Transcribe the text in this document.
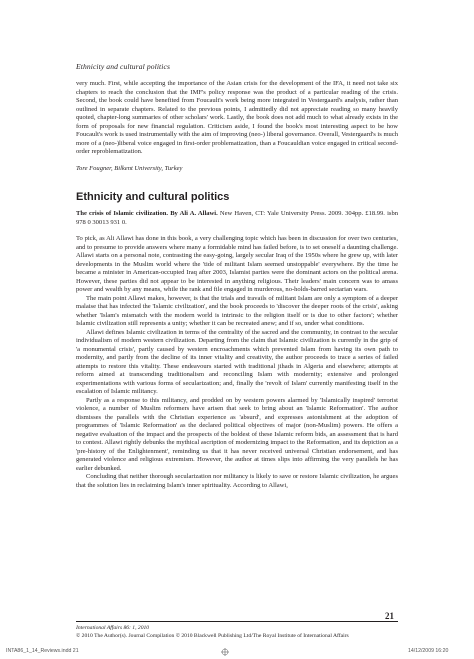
Ethnicity and cultural politics

very much. First, while accepting the importance of the Asian crisis for the development of the IFA, it need not take six chapters to reach the conclusion that the IMF's policy response was the product of a particular reading of the crisis. Second, the book could have benefited from Foucault's work being more integrated in Vestergaard's analysis, rather than outlined in separate chapters. Related to the previous points, I admittedly did not appreciate reading so many heavily quoted, chapter-long summaries of other scholars' work. Lastly, the book does not add much to what already exists in the form of proposals for new financial regulation. Criticism aside, I found the book's most interesting aspect to be how Foucault's work is used instrumentally with the aim of improving (neo-) liberal governance. Overall, Vestergaard's is much more of a (neo-)liberal voice engaged in first-order problematization, than a Foucauldian voice engaged in critical second-order reproblematization.

Tore Fougner, Bilkent University, Turkey

Ethnicity and cultural politics

The crisis of Islamic civilization. By Ali A. Allawi. New Haven, CT: Yale University Press. 2009. 304pp. £18.99. isbn 978 0 30013 931 0.

To pick, as Ali Allawi has done in this book, a very challenging topic which has been in discussion for over two centuries, and to presume to provide answers where many a formidable mind has failed before, is to set oneself a daunting challenge. Allawi starts on a personal note, contrasting the easy-going, largely secular Iraq of the 1950s where he grew up, with later developments in the Muslim world where the 'tide of militant Islam seemed unstoppable' everywhere. By the time he became a minister in American-occupied Iraq after 2003, Islamist parties were the dominant actors on the political arena. However, these parties did not appear to be interested in anything religious. Their leaders' main concern was to amass power and wealth by any means, while the rank and file engaged in murderous, no-holds-barred sectarian wars.

The main point Allawi makes, however, is that the trials and travails of militant Islam are only a symptom of a deeper malaise that has infected the 'Islamic civilization', and the book proceeds to 'discover the deeper roots of the crisis', asking whether 'Islam's mismatch with the modern world is intrinsic to the religion itself or is due to other factors'; whether Islamic civilization still represents a unity; whether it can be recreated anew; and if so, under what conditions.

Allawi defines Islamic civilization in terms of the centrality of the sacred and the community, in contrast to the secular individualism of modern western civilization. Departing from the claim that Islamic civilization is currently in the grip of 'a monumental crisis', partly caused by western encroachments which prevented Islam from having its own path to modernity, and partly from the decline of its inner vitality and creativity, the author proceeds to trace a series of failed attempts to restore this vitality. These endeavours started with traditional jihads in Algeria and elsewhere; attempts at reform aimed at transcending traditionalism and reconciling Islam with modernity; extensive and prolonged experimentations with various forms of secularization; and, finally the 'revolt of Islam' currently manifesting itself in the escalation of Islamic militancy.

Partly as a response to this militancy, and prodded on by western powers alarmed by 'Islamically inspired' terrorist violence, a number of Muslim reformers have arisen that seek to bring about an 'Islamic Reformation'. The author dismisses the parallels with the Christian experience as 'absurd', and expresses astonishment at the adoption of programmes of 'Islamic Reformation' as the declared political objectives of major (non-Muslim) powers. He offers a negative evaluation of the impact and the prospects of the boldest of these Islamic reform bids, an assessment that is hard to contest. Allawi rightly debunks the mythical ascription of modernizing impact to the Reformation, and its depiction as a 'pre-history of the Enlightenment', reminding us that it has never received universal Christian endorsement, and has generated violence and religious extremism. However, the author at times slips into affirming the very parallels he has earlier debunked.

Concluding that neither thorough secularization nor militancy is likely to save or restore Islamic civilization, he argues that the solution lies in reclaiming Islam's inner spirituality. According to Allawi,

21
International Affairs 86: 1, 2010
© 2010 The Author(s). Journal Compilation © 2010 Blackwell Publishing Ltd/The Royal Institute of International Affairs
INTA86_1_14_Reviews.indd 21	14/12/2009 16:20
